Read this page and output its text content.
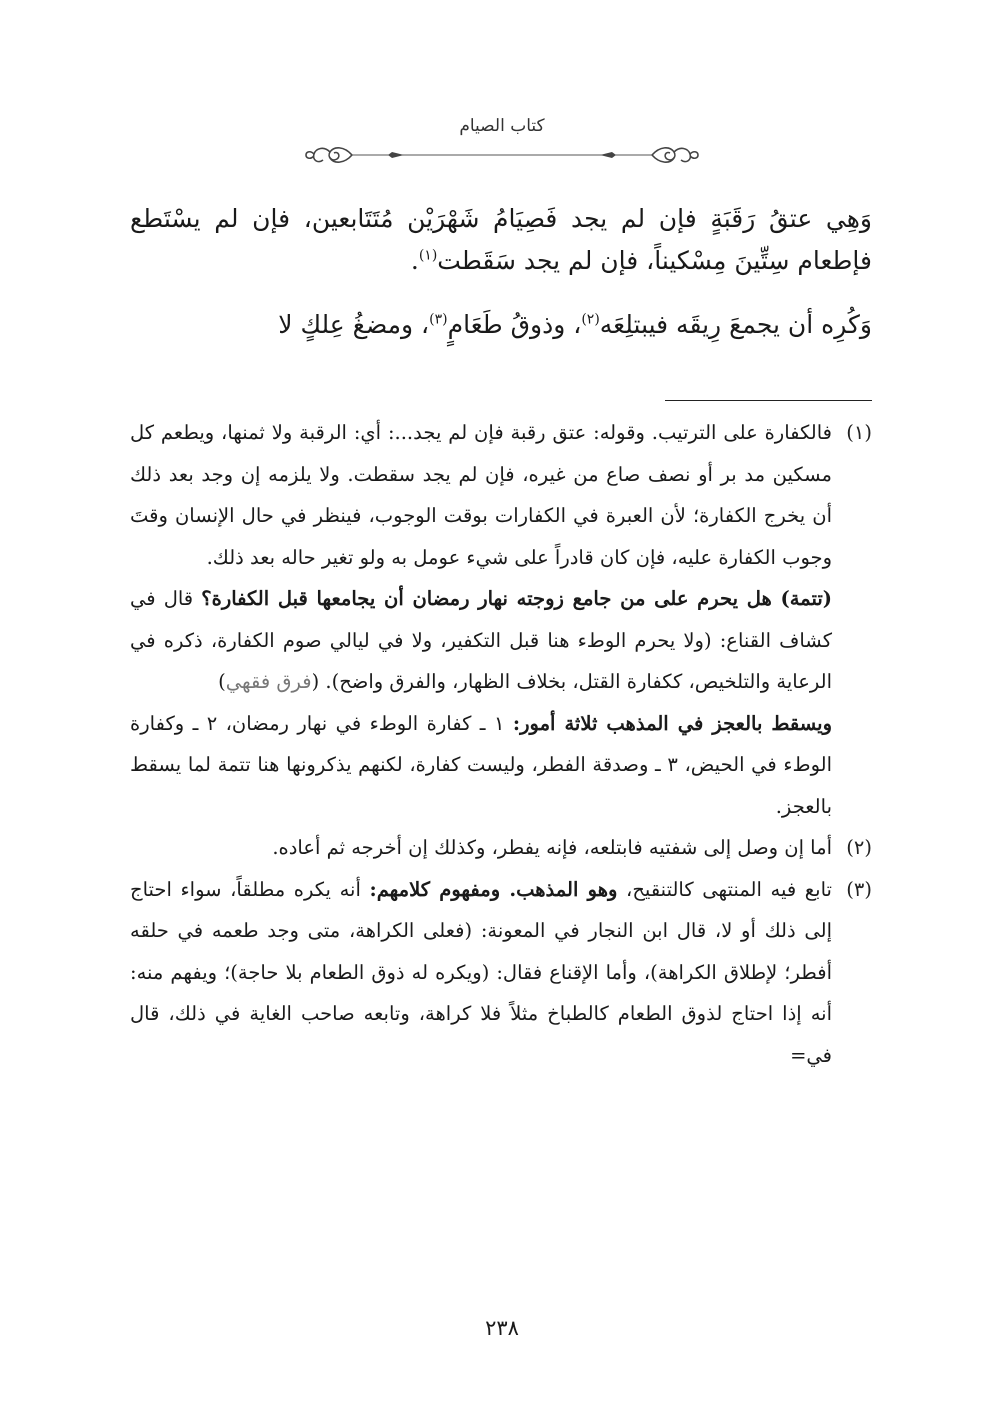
كتاب الصيام

وَهِي عتقُ رَقَبَةٍ فإن لم يجد فَصِيَامُ شَهْرَيْن مُتَتَابعين، فإن لم يسْتَطع فإطعام سِتِّينَ مِسْكيناً، فإن لم يجد سَقَطت$^{(١)}$.

وَكُرِه أن يجمعَ رِيقَه فيبتلِعَه$^{(٢)}$، وذوقُ طَعَامٍ$^{(٣)}$، ومضغُ عِلكٍ لا

(١)

فالكفارة على الترتيب. وقوله: عتق رقبة فإن لم يجد...: أي: الرقبة ولا ثمنها، ويطعم كل مسكين مد بر أو نصف صاع من غيره، فإن لم يجد سقطت. ولا يلزمه إن وجد بعد ذلك أن يخرج الكفارة؛ لأن العبرة في الكفارات بوقت الوجوب، فينظر في حال الإنسان وقتَ وجوب الكفارة عليه، فإن كان قادراً على شيء عومل به ولو تغير حاله بعد ذلك.

(تتمة) هل يحرم على من جامع زوجته نهار رمضان أن يجامعها قبل الكفارة؟ قال في كشاف القناع: (ولا يحرم الوطء هنا قبل التكفير، ولا في ليالي صوم الكفارة، ذكره في الرعاية والتلخيص، ككفارة القتل، بخلاف الظهار، والفرق واضح). (فرق فقهي)

ويسقط بالعجز في المذهب ثلاثة أمور: ١ ـ كفارة الوطء في نهار رمضان، ٢ ـ وكفارة الوطء في الحيض، ٣ ـ وصدقة الفطر، وليست كفارة، لكنهم يذكرونها هنا تتمة لما يسقط بالعجز.

(٢)

أما إن وصل إلى شفتيه فابتلعه، فإنه يفطر، وكذلك إن أخرجه ثم أعاده.

(٣)

تابع فيه المنتهى كالتنقيح، وهو المذهب. ومفهوم كلامهم: أنه يكره مطلقاً، سواء احتاج إلى ذلك أو لا، قال ابن النجار في المعونة: (فعلى الكراهة، متى وجد طعمه في حلقه أفطر؛ لإطلاق الكراهة)، وأما الإقناع فقال: (ويكره له ذوق الطعام بلا حاجة)؛ ويفهم منه: أنه إذا احتاج لذوق الطعام كالطباخ مثلاً فلا كراهة، وتابعه صاحب الغاية في ذلك، قال في=

٢٣٨
